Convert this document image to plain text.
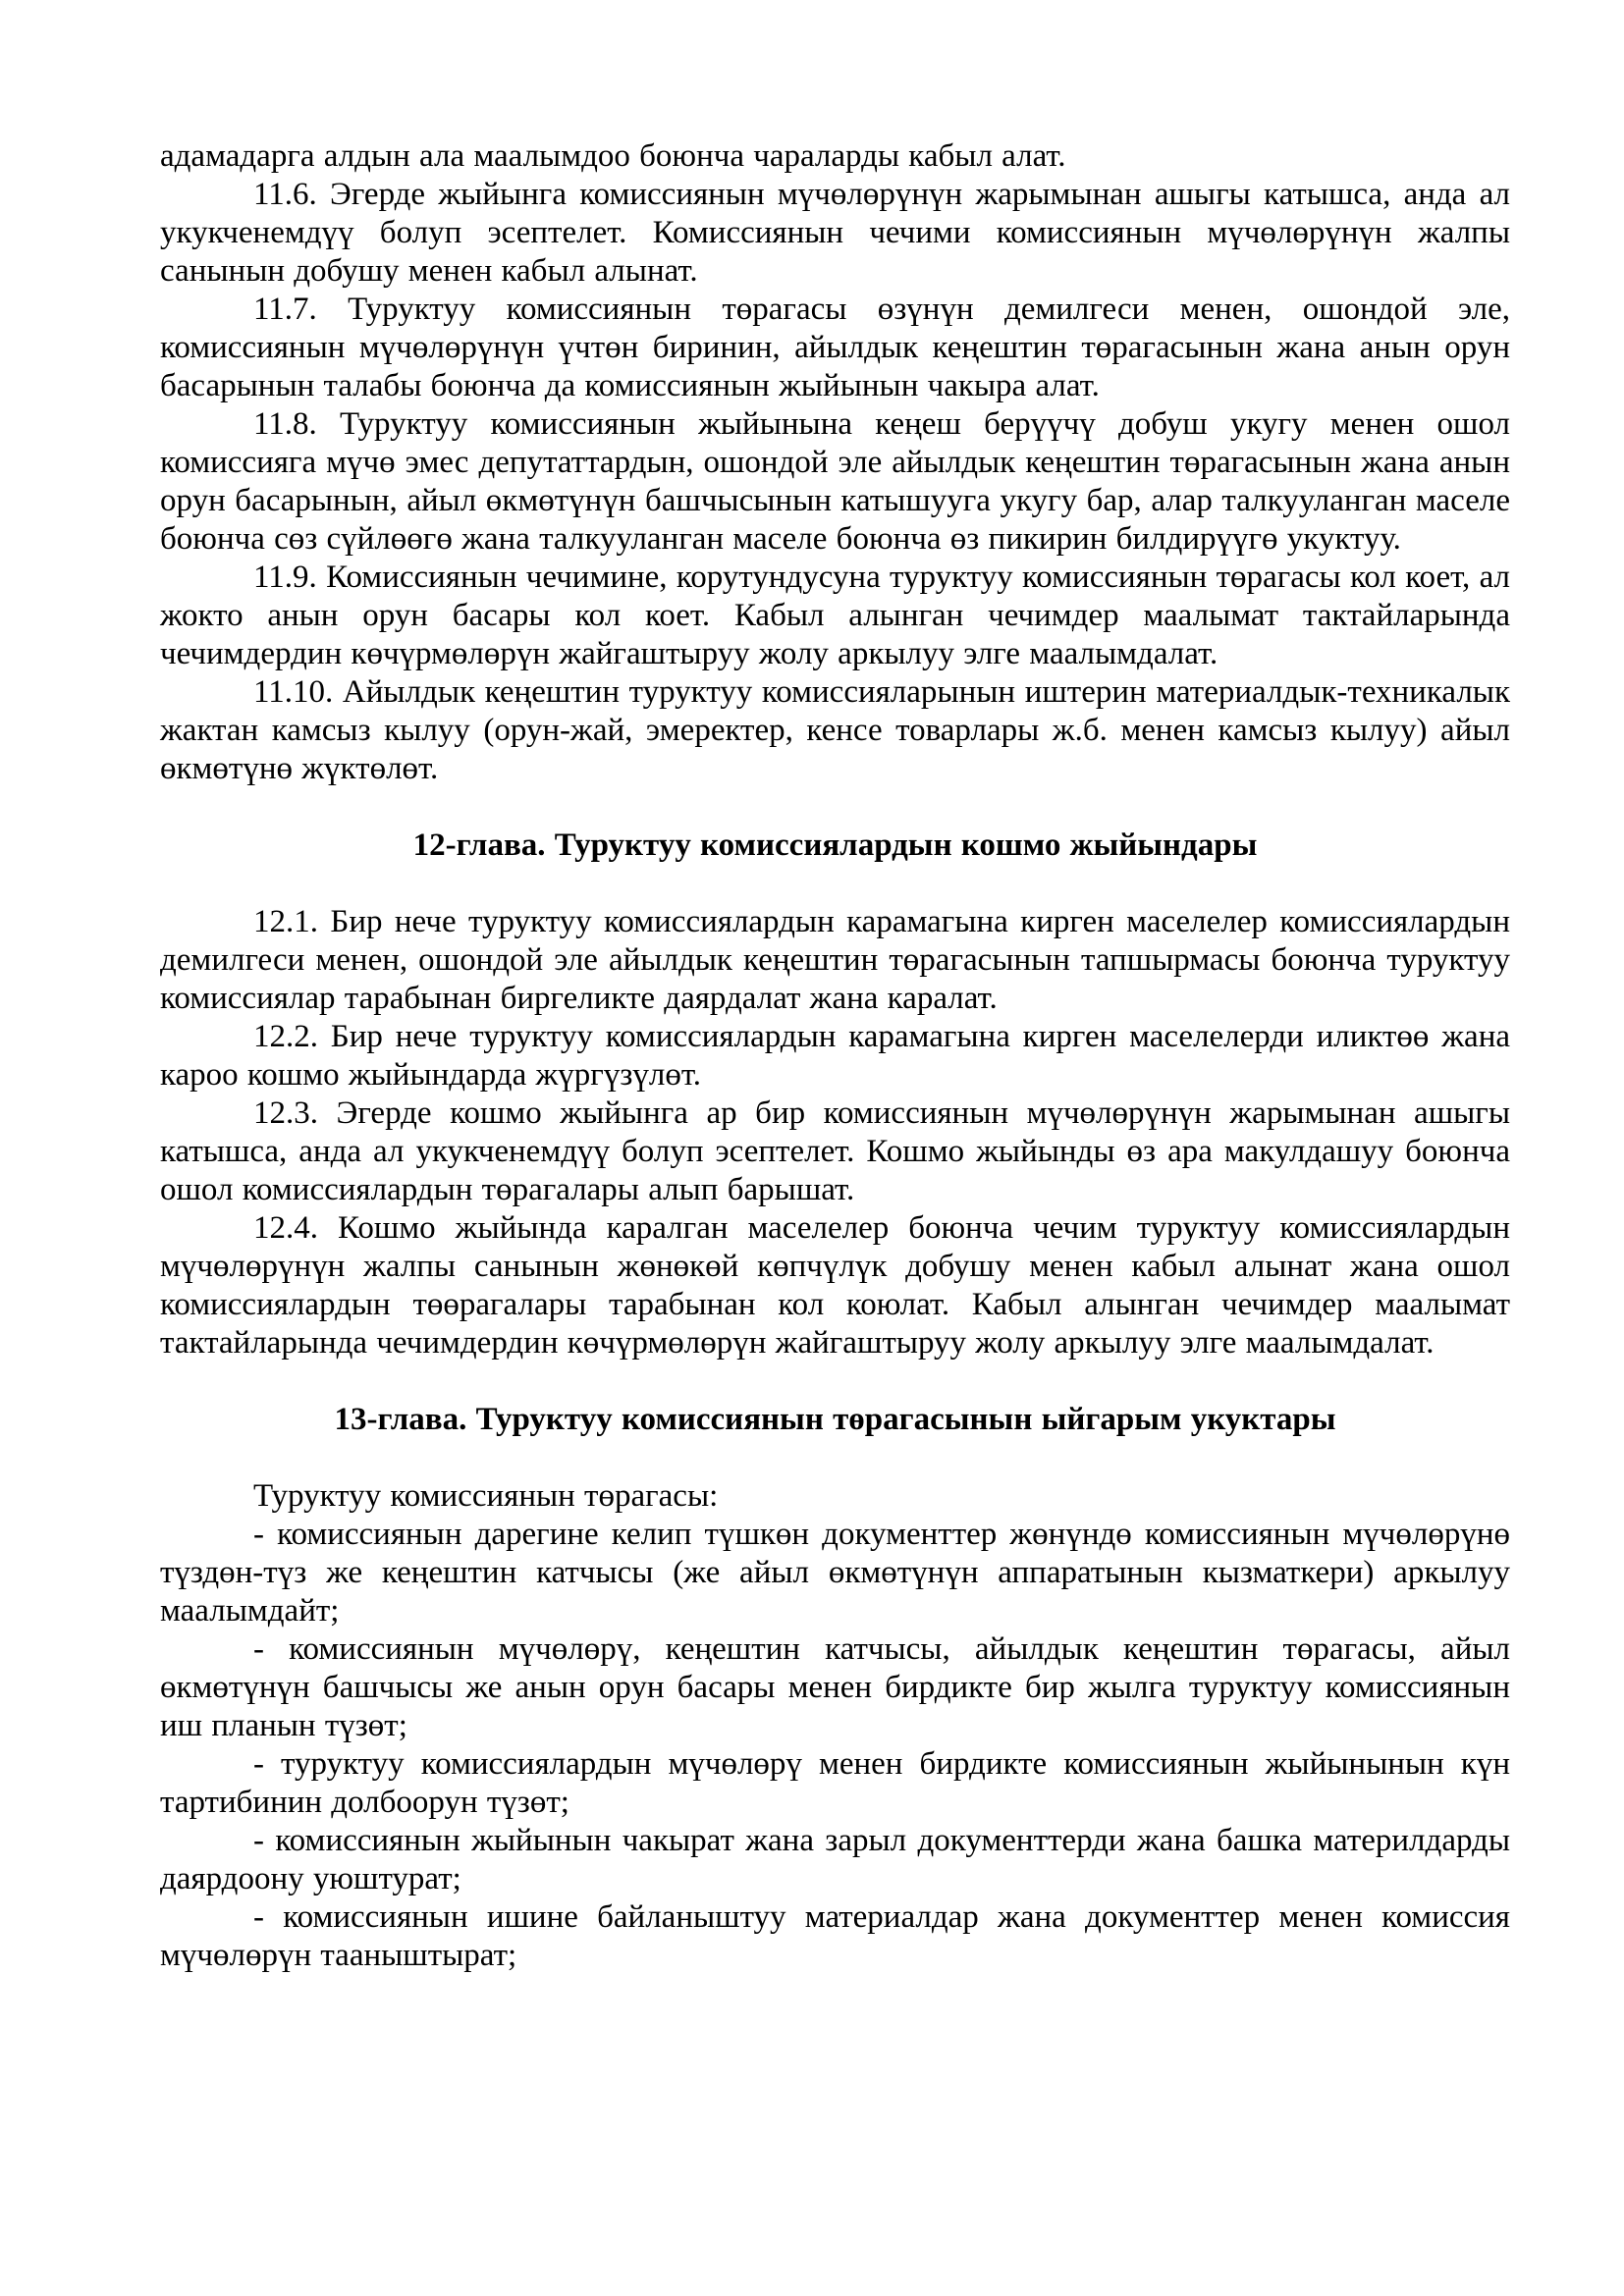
адамадарга алдын ала маалымдоо боюнча чараларды кабыл алат.

11.6. Эгерде жыйынга комиссиянын мүчөлөрүнүн жарымынан ашыгы катышса, анда ал укукченемдүү болуп эсептелет. Комиссиянын чечими комиссиянын мүчөлөрүнүн жалпы санынын добушу менен кабыл алынат.

11.7. Туруктуу комиссиянын төрагасы өзүнүн демилгеси менен, ошондой эле, комиссиянын мүчөлөрүнүн үчтөн биринин, айылдык кеңештин төрагасынын жана анын орун басарынын талабы боюнча да комиссиянын жыйынын чакыра алат.

11.8. Туруктуу комиссиянын жыйынына кеңеш берүүчү добуш укугу менен ошол комиссияга мүчө эмес депутаттардын, ошондой эле айылдык кеңештин төрагасынын жана анын орун басарынын, айыл өкмөтүнүн башчысынын катышууга укугу бар, алар талкууланган маселе боюнча сөз сүйлөөгө жана талкууланган маселе боюнча өз пикирин билдирүүгө укуктуу.

11.9. Комиссиянын чечимине, корутундусуна туруктуу комиссиянын төрагасы кол коет, ал жокто анын орун басары кол коет. Кабыл алынган чечимдер маалымат тактайларында чечимдердин көчүрмөлөрүн жайгаштыруу жолу аркылуу элге маалымдалат.

11.10. Айылдык кеңештин туруктуу комиссияларынын иштерин материалдык-техникалык жактан камсыз кылуу (орун-жай, эмеректер, кенсе товарлары ж.б. менен камсыз кылуу) айыл өкмөтүнө жүктөлөт.

12-глава. Туруктуу комиссиялардын кошмо жыйындары

12.1. Бир нече туруктуу комиссиялардын карамагына кирген маселелер комиссиялардын демилгеси менен, ошондой эле айылдык кеңештин төрагасынын тапшырмасы боюнча туруктуу комиссиялар тарабынан биргеликте даярдалат жана каралат.

12.2. Бир нече туруктуу комиссиялардын карамагына кирген маселелерди иликтөө жана кароо кошмо жыйындарда жүргүзүлөт.

12.3. Эгерде кошмо жыйынга ар бир комиссиянын мүчөлөрүнүн жарымынан ашыгы катышса, анда ал укукченемдүү болуп эсептелет. Кошмо жыйынды өз ара макулдашуу боюнча ошол комиссиялардын төрагалары алып барышат.

12.4. Кошмо жыйында каралган маселелер боюнча чечим туруктуу комиссиялардын мүчөлөрүнүн жалпы санынын жөнөкөй көпчүлүк добушу менен кабыл алынат жана ошол комиссиялардын төөрагалары тарабынан кол коюлат. Кабыл алынган чечимдер маалымат тактайларында чечимдердин көчүрмөлөрүн жайгаштыруу жолу аркылуу элге маалымдалат.

13-глава. Туруктуу комиссиянын төрагасынын ыйгарым укуктары

Туруктуу комиссиянын төрагасы:

- комиссиянын дарегине келип түшкөн документтер жөнүндө комиссиянын мүчөлөрүнө түздөн-түз же кеңештин катчысы (же айыл өкмөтүнүн аппаратынын кызматкери) аркылуу маалымдайт;

- комиссиянын мүчөлөрү, кеңештин катчысы, айылдык кеңештин төрагасы, айыл өкмөтүнүн башчысы же анын орун басары менен бирдикте бир жылга туруктуу комиссиянын иш планын түзөт;

- туруктуу комиссиялардын мүчөлөрү менен бирдикте комиссиянын жыйынынын күн тартибинин долбоорун түзөт;

- комиссиянын жыйынын чакырат жана зарыл документтерди жана башка материлдарды даярдоону уюштурат;

- комиссиянын ишине байланыштуу материалдар жана документтер менен комиссия мүчөлөрүн тааныштырат;
